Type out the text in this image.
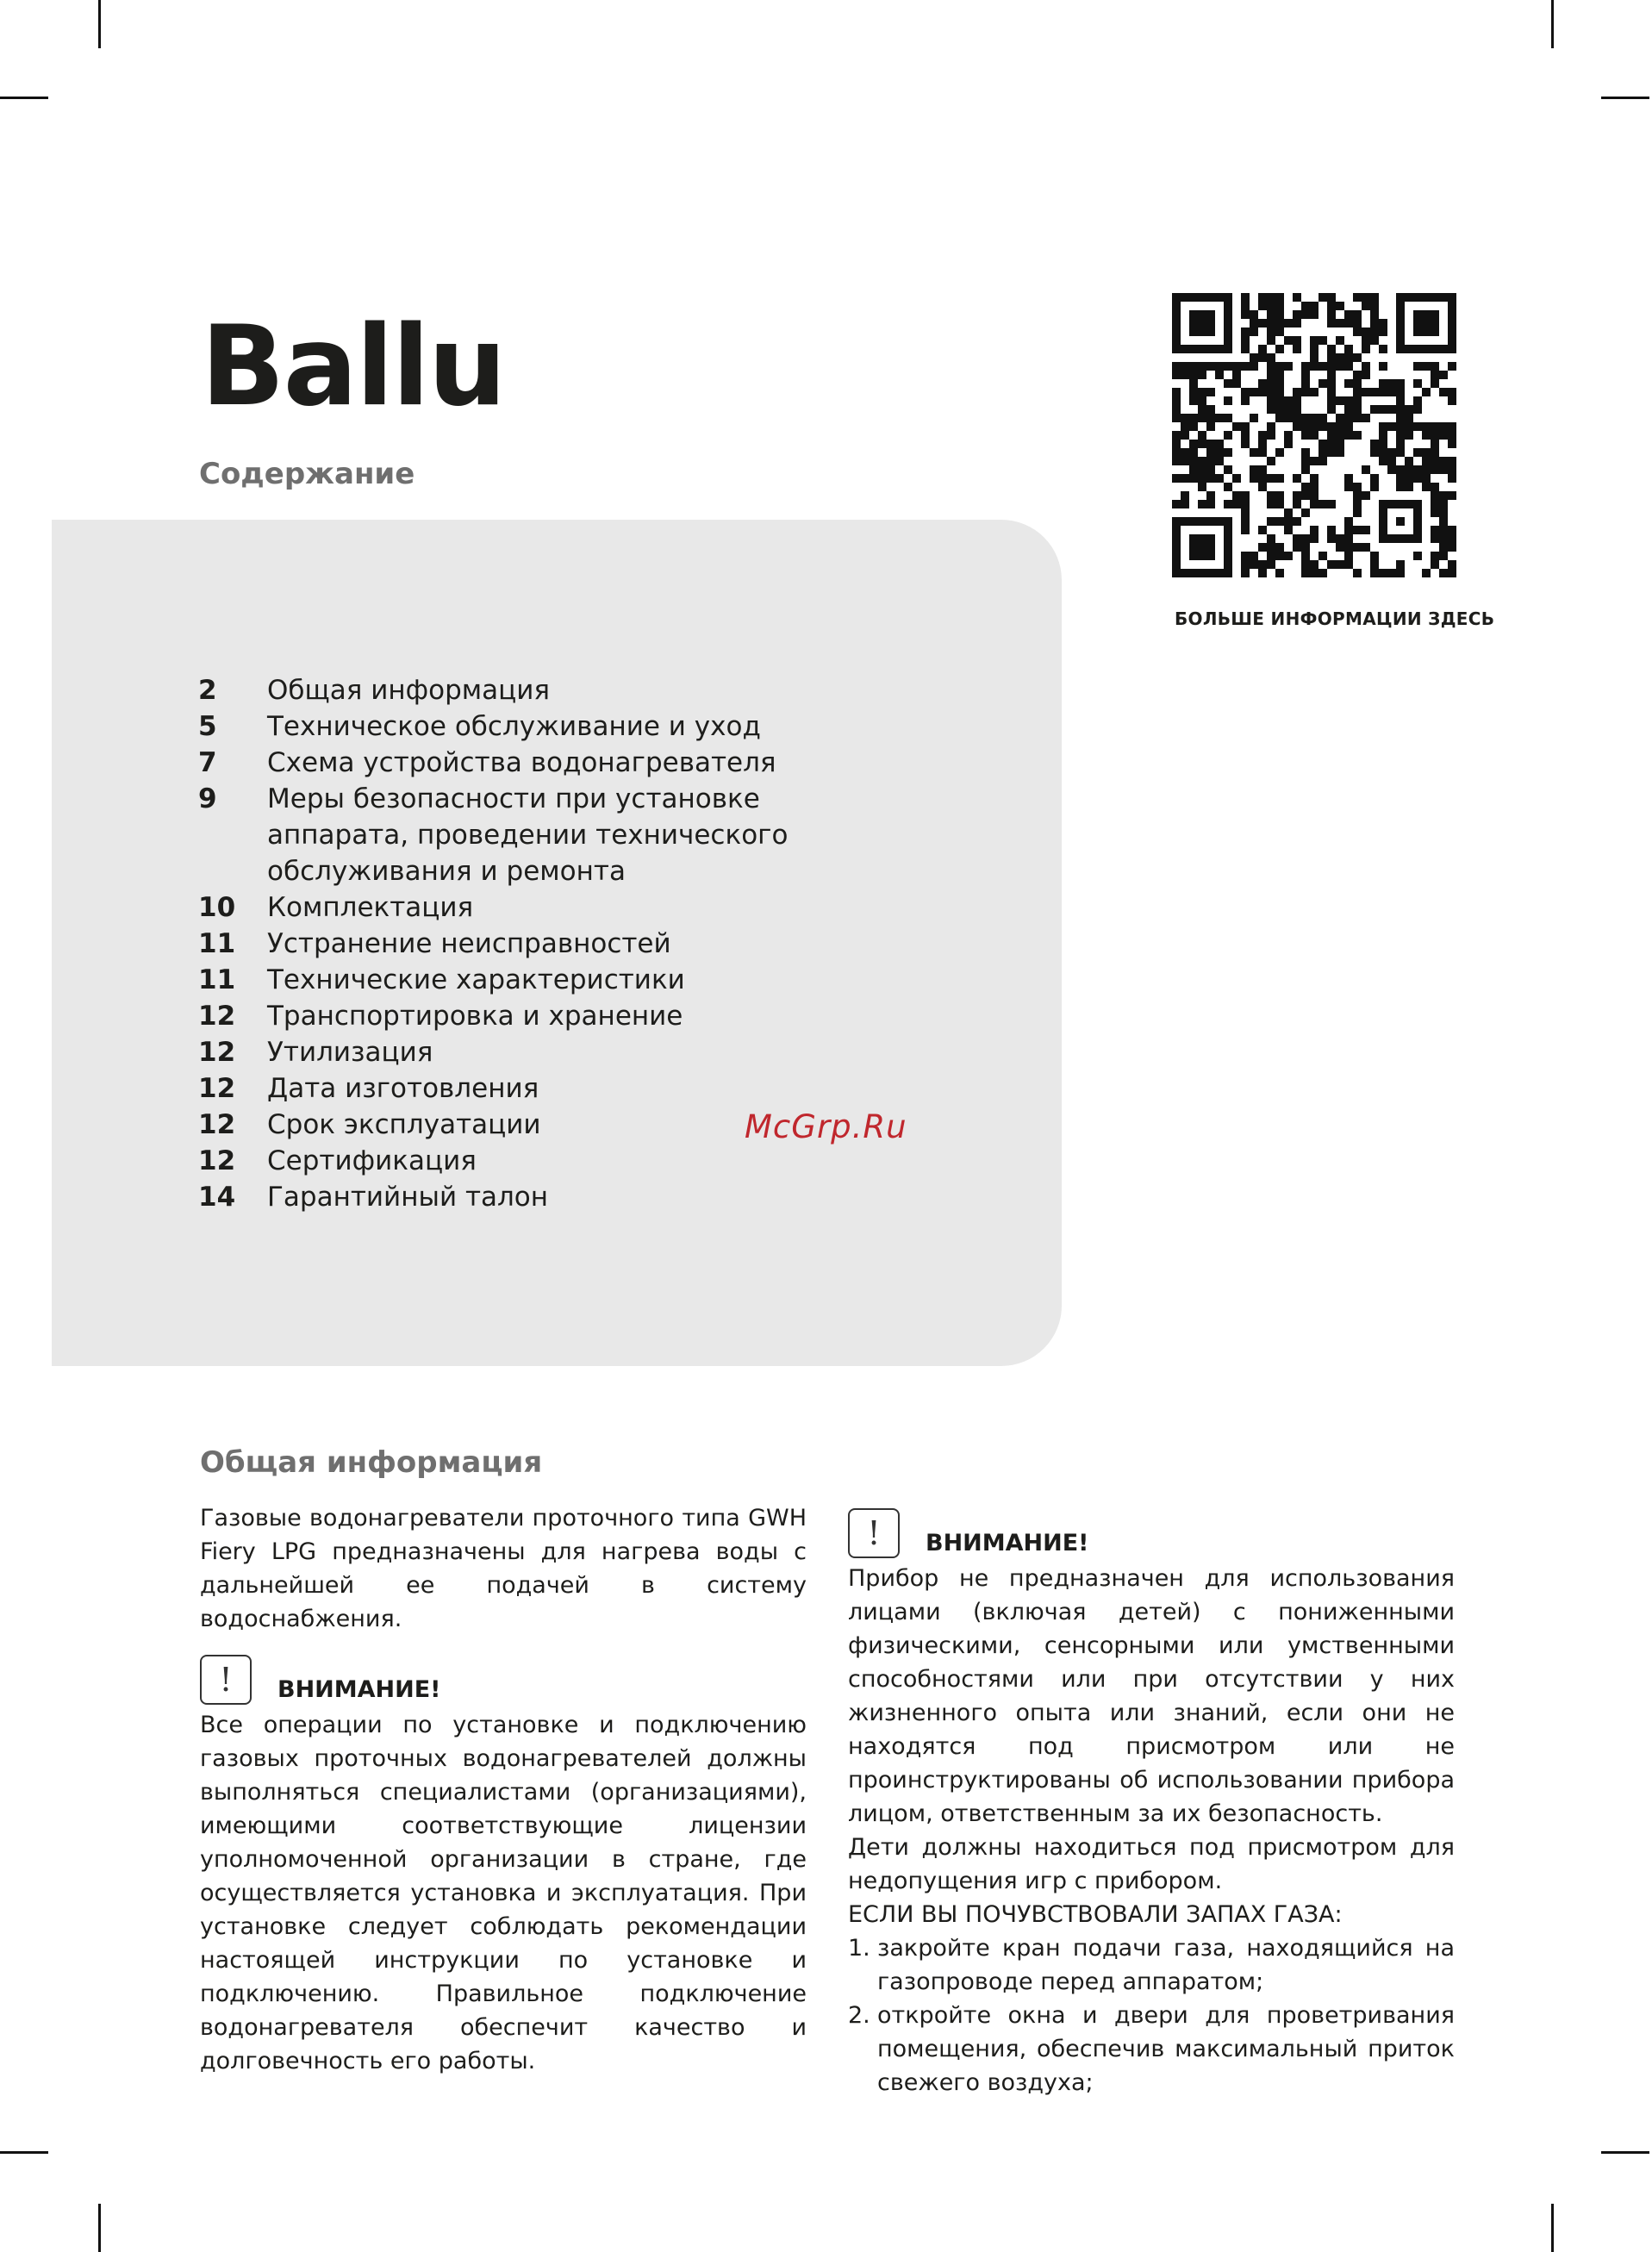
Ballu
Содержание
2	Общая информация
5	Техническое обслуживание и уход
7	Схема устройства водонагревателя
9	Меры безопасности при установке аппарата, проведении технического обслуживания и ремонта
10	Комплектация
11	Устранение неисправностей
11	Технические характеристики
12	Транспортировка и хранение
12	Утилизация
12	Дата изготовления
12	Срок эксплуатации
12	Сертификация
14	Гарантийный талон
БОЛЬШЕ ИНФОРМАЦИИ ЗДЕСЬ
McGrp.Ru
Общая информация

Газовые водонагреватели проточного типа GWH Fiery LPG предназначены для нагрева воды с дальнейшей ее подачей в систему водоснабжения.

!	ВНИМАНИЕ!

Все операции по установке и подключению газовых проточных водонагревателей должны выполняться специалистами (организациями), имеющими соответствующие лицензии уполномоченной организации в стране, где осуществляется установка и эксплуатация. При установке следует соблюдать рекомендации настоящей инструкции по установке и подключению. Правильное подключение водонагревателя обеспечит качество и долговечность его работы.

!	ВНИМАНИЕ!

Прибор не предназначен для использования лицами (включая детей) с пониженными физическими, сенсорными или умственными способностями или при отсутствии у них жизненного опыта или знаний, если они не находятся под присмотром или не проинструктированы об использовании прибора лицом, ответственным за их безопасность.

Дети должны находиться под присмотром для недопущения игр с прибором.

ЕСЛИ ВЫ ПОЧУВСТВОВАЛИ ЗАПАХ ГАЗА:

1. закройте кран подачи газа, находящийся на газопроводе перед аппаратом;
2. откройте окна и двери для проветривания помещения, обеспечив максимальный приток свежего воздуха;
